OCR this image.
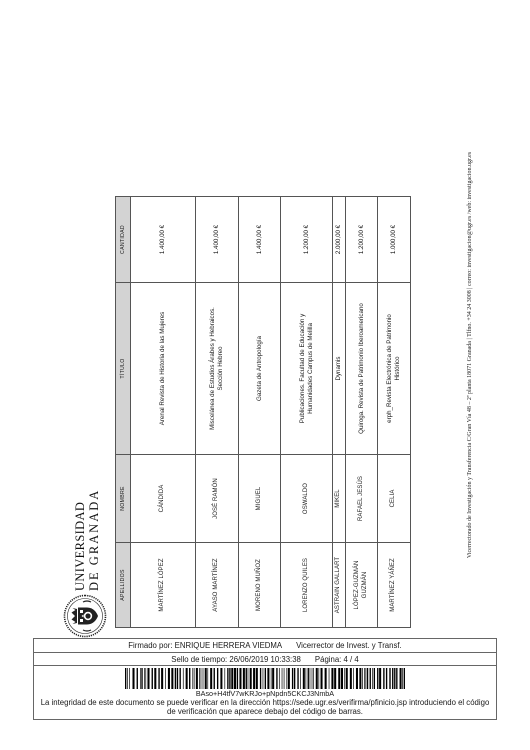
UNIVERSIDAD DE GRANADA	APELLIDOS	NOMBRE	TÍTULO	CANTIDAD
MARTÍNEZ LÓPEZ	CÁNDIDA	Arenal Revista de Historia de las Mujeres	1.400,00 €
AYASO MARTÍNEZ	JOSÉ RAMÓN	Miscelánea de Estudios Árabes y Hebraicos.
Sección Hebreo	1.400,00 €
MORENO MUÑOZ	MIGUEL	Gazeta de Antropología	1.400,00 €
LORENZO QUILES	OSWALDO	Publicaciones. Facultad de Educación y
Humanidades Campus de Melilla	1.200,00 €
ASTRAIN GALLART	MIKEL	Dynamis	2.000,00 €
LÓPEZ-GUZMÁN
GUZMÁN	RAFAEL JESÚS	Quiroga. Revista de Patrimonio Iberoamericano	1.200,00 €
MARTÍNEZ YÁÑEZ	CELIA	erph_Revista Electrónica de Patrimonio
Histórico	1.000,00 €	Vicerrectorado de Investigación y Transferencia C/Gran Vía 48 – 2ª planta 18071 Granada | Tlfno. +34 24 3008 | correo: investigacion@ugr.es /web: investigacion.ugr.es
Firmado por: ENRIQUE HERRERA VIEDMA Vicerrector de Invest. y Transf.
Sello de tiempo: 26/06/2019 10:33:38 Página: 4 / 4
BAso+H4tfV7wKRJo+pNpdn5CKCJ3NmbA
La integridad de este documento se puede verificar en la dirección https://sede.ugr.es/verifirma/pfinicio.jsp introduciendo el código
de verificación que aparece debajo del código de barras.
